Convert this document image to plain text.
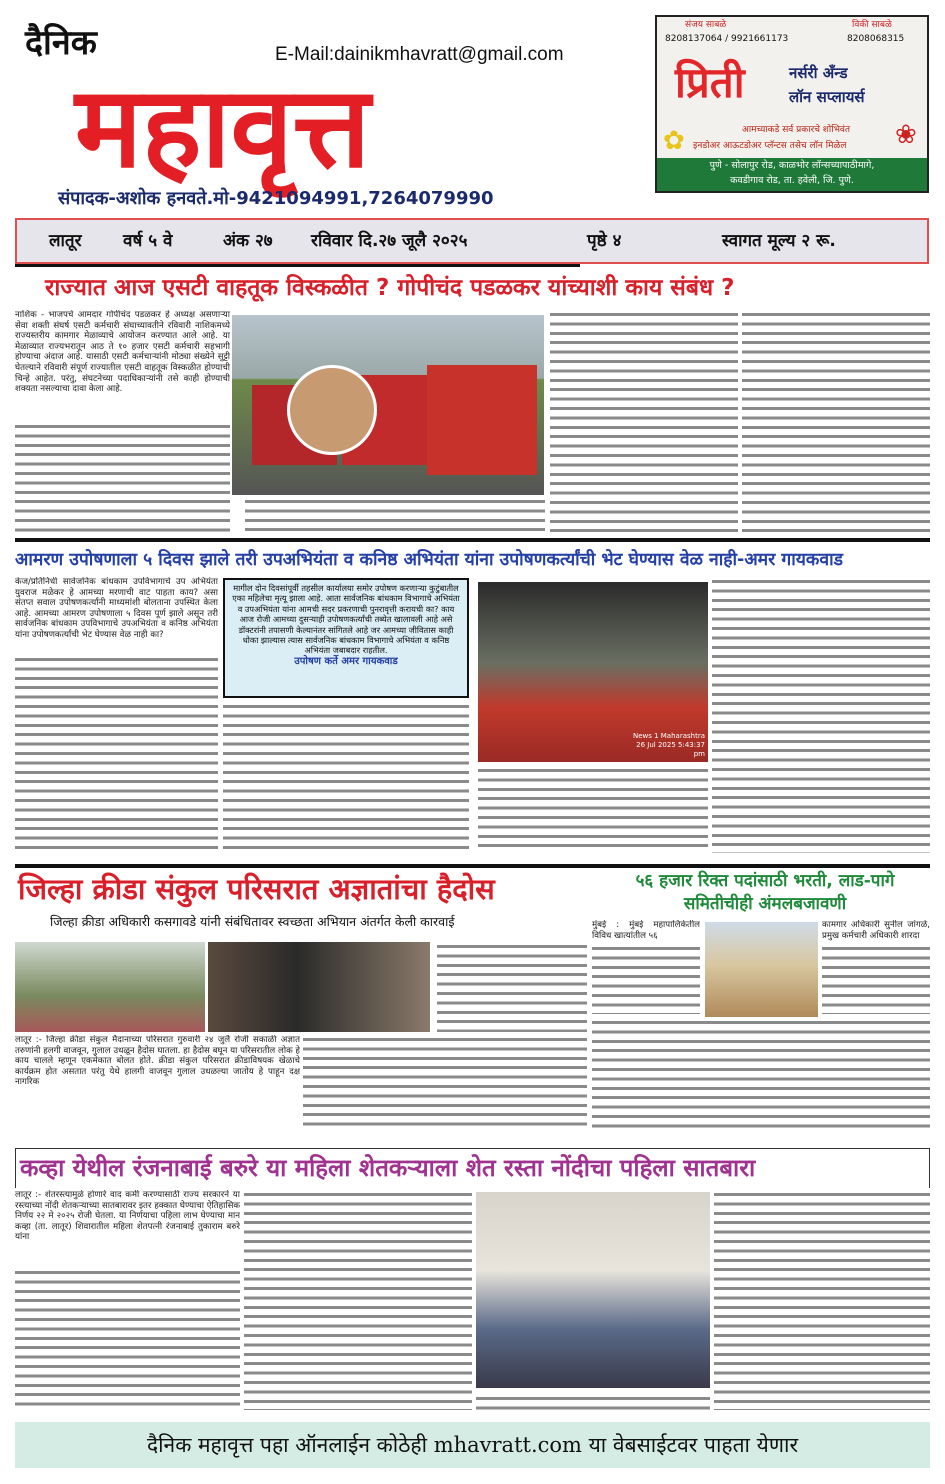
दैनिक	E-Mail:dainikmhavratt@gmail.com
महावृत्त
संपादक-अशोक हनवते.मो-9421094991,7264079990
संजय साबळे
8208137064 / 9921661173
विकी साबळे
8208068315
प्रिती	नर्सरी अँन्ड
लॉन सप्लायर्स
✿	❀
आमच्याकडे सर्व प्रकारचे शोभिवंत
इनडोअर आऊटडोअर प्लॅन्टस तसेच लॉन मिळेल
पुणे - सोलापुर रोड, काळभोर लॉन्सच्यापाठीमागे,
कवडीगाव रोड, ता. हवेली, जि. पुणे.
लातूर वर्ष ५ वे	अंक २७ रविवार दि.२७ जूलै २०२५	पृष्ठे ४	स्वागत मूल्य २ रू.
राज्यात आज एसटी वाहतूक विस्कळीत ? गोपीचंद पडळकर यांच्याशी काय संबंध ?
नाशिक - भाजपचे आमदार गोपीचंद पडळकर हे अध्यक्ष असणाऱ्या सेवा शक्ती संघर्ष एसटी कर्मचारी संघाच्यावतीने रविवारी नाशिकमध्ये राज्यस्तरीय कामगार मेळाव्याचे आयोजन करण्यात आले आहे. या मेळाव्यात राज्यभरातून आठ ते १० हजार एसटी कर्मचारी सहभागी होण्याचा अंदाज आहे. यासाठी एसटी कर्मचाऱ्यांनी मोठ्या संख्येने सुट्टी घेतल्याने रविवारी संपूर्ण राज्यातील एसटी वाहतूक विस्कळीत होण्याची चिन्हे आहेत. परंतु, संघटनेच्या पदाधिकाऱ्यांनी तसे काही होण्याची शक्यता नसल्याचा दावा केला आहे.
आमरण उपोषणाला ५ दिवस झाले तरी उपअभियंता व कनिष्ठ अभियंता यांना उपोषणकर्त्यांची भेट घेण्यास वेळ नाही-अमर गायकवाड
केज/प्रतिनिधी सार्वजनिक बांधकाम उपविभागाचे उप अभियंता युवराज मळेकर हे आमच्या मरणाची वाट पाहता काय? असा संतप्त सवाल उपोषणकर्त्यांनी माध्यमांशी बोलताना उपस्थित केला आहे. आमच्या आमरण उपोषणाला ५ दिवस पूर्ण झाले असून तरी सार्वजनिक बांधकाम उपविभागाचे उपअभियंता व कनिष्ठ अभियंता यांना उपोषणकर्त्यांची भेट घेण्यास वेळ नाही का?
मागील दोन दिवसांपूर्वी तहसील कार्यालया समोर उपोषण करणाऱ्या कुटुंबातील एका महिलेचा मृत्यू झाला आहे. आता सार्वजनिक बांधकाम विभागाचे अभियंता व उपअभियंता यांना आमची सदर प्रकरणाची पुनरावृत्ती करायची का? काय आज रोजी आमच्या दुसऱ्याही उपोषणकर्त्यांची तब्येत खालावली आहे असे डॉक्टरांनी तपासणी केल्यानंतर सांगितले आहे जर आमच्या जीवितास काही धोका झाल्यास त्यास सार्वजनिक बांधकाम विभागाचे अभियंता व कनिष्ठ अभियंता जबाबदार राहतील.
उपोषण कर्ते अमर गायकवाड
News 1 Maharashtra 26 Jul 2025 5:43:37 pm
जिल्हा क्रीडा संकुल परिसरात अज्ञातांचा हैदोस
जिल्हा क्रीडा अधिकारी कसगावडे यांनी संबंधितावर स्वच्छता अभियान अंतर्गत केली कारवाई
लातूर :- जिल्हा क्रीडा संकुल मैदानाच्या परिसरात गुरुवारी २४ जुलै रोजी सकाळी अज्ञात तरुणांनी हलगी वाजवून, गुलाल उधळून हैदोस घातला. हा हैदोस बघून या परिसरातील लोक हे काय चालले म्हणून एकमेकात बोलत होते. क्रीडा संकुल परिसरात क्रीडाविषयक खेळाचे कार्यक्रम होत असतात परंतु येथे हालगी वाजवून गुलाल उधळल्या जातोय हे पाहून दक्ष नागरिक
५६ हजार रिक्त पदांसाठी भरती, लाड-पागे समितीचीही अंमलबजावणी
मुंबई : मुंबई महापालिकेतील विविध खात्यांतील ५६
कामगार अधिकारी सुनील जांगळे, प्रमुख कर्मचारी अधिकारी शारदा
कव्हा येथील रंजनाबाई बरुरे या महिला शेतकऱ्याला शेत रस्ता नोंदीचा पहिला सातबारा
लातूर :- शेतरस्त्यामुळे होणारे वाद कमी करण्यासाठी राज्य सरकारने या रस्त्याच्या नोंदी शेतकऱ्याच्या सातबारावर इतर हक्कात घेण्याचा ऐतिहासिक निर्णय २२ मे २०२५ रोजी घेतला. या निर्णयाचा पहिला लाभ घेण्याचा मान कव्हा (ता. लातूर) शिवारातील महिला शेतपत्नी रंजनाबाई तुकाराम बरुरे यांना
दैनिक महावृत्त पहा ऑनलाईन कोठेही mhavratt.com या वेबसाईटवर पाहता येणार
